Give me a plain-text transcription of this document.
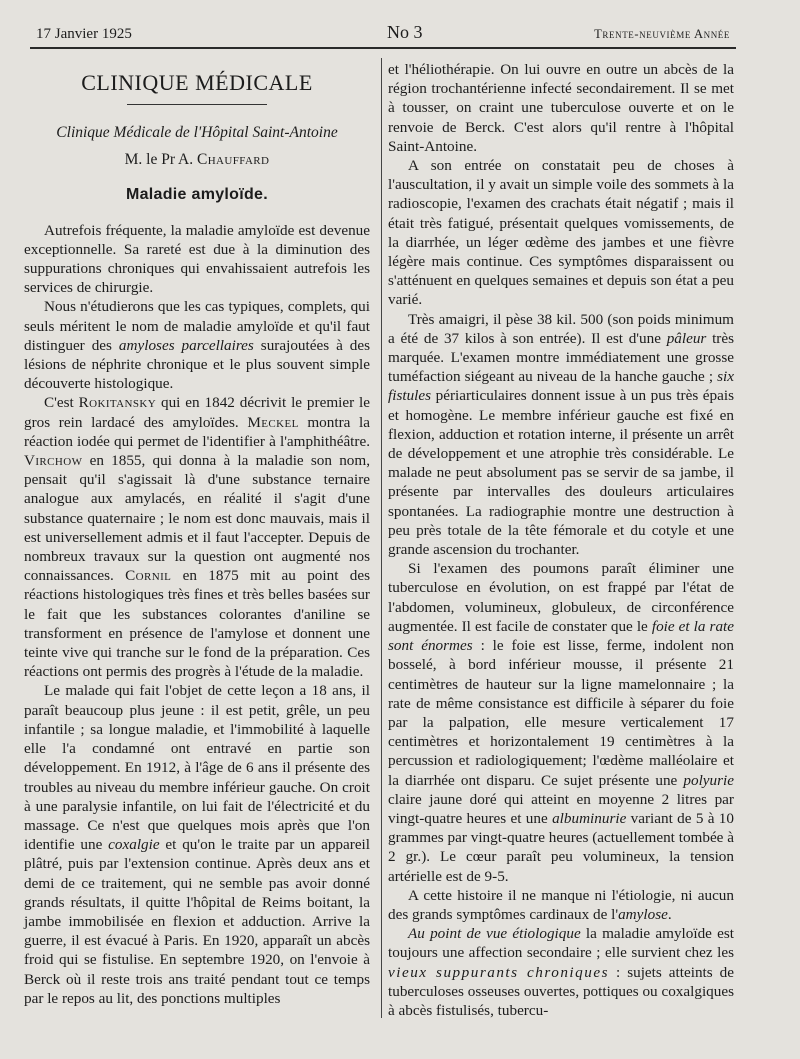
17 Janvier 1925	No 3	Trente-neuvième Année
CLINIQUE MÉDICALE
Clinique Médicale de l'Hôpital Saint-Antoine
M. le Pr A. Chauffard
Maladie amyloïde.

Autrefois fréquente, la maladie amyloïde est devenue exceptionnelle. Sa rareté est due à la diminution des suppurations chroniques qui envahissaient autrefois les services de chirurgie.

Nous n'étudierons que les cas typiques, complets, qui seuls méritent le nom de maladie amyloïde et qu'il faut distinguer des amyloses parcellaires surajoutées à des lésions de néphrite chronique et le plus souvent simple découverte histologique.

C'est Rokitansky qui en 1842 décrivit le premier le gros rein lardacé des amyloïdes. Meckel montra la réaction iodée qui permet de l'identifier à l'amphithéâtre. Virchow en 1855, qui donna à la maladie son nom, pensait qu'il s'agissait là d'une substance ternaire analogue aux amylacés, en réalité il s'agit d'une substance quaternaire ; le nom est donc mauvais, mais il est universellement admis et il faut l'accepter. Depuis de nombreux travaux sur la question ont augmenté nos connaissances. Cornil en 1875 mit au point des réactions histologiques très fines et très belles basées sur le fait que les substances colorantes d'aniline se transforment en présence de l'amylose et donnent une teinte vive qui tranche sur le fond de la préparation. Ces réactions ont permis des progrès à l'étude de la maladie.

Le malade qui fait l'objet de cette leçon a 18 ans, il paraît beaucoup plus jeune : il est petit, grêle, un peu infantile ; sa longue maladie, et l'immobilité à laquelle elle l'a condamné ont entravé en partie son développement. En 1912, à l'âge de 6 ans il présente des troubles au niveau du membre inférieur gauche. On croit à une paralysie infantile, on lui fait de l'électricité et du massage. Ce n'est que quelques mois après que l'on identifie une coxalgie et qu'on le traite par un appareil plâtré, puis par l'extension continue. Après deux ans et demi de ce traitement, qui ne semble pas avoir donné grands résultats, il quitte l'hôpital de Reims boitant, la jambe immobilisée en flexion et adduction. Arrive la guerre, il est évacué à Paris. En 1920, apparaît un abcès froid qui se fistulise. En septembre 1920, on l'envoie à Berck où il reste trois ans traité pendant tout ce temps par le repos au lit, des ponctions multiples

et l'héliothérapie. On lui ouvre en outre un abcès de la région trochantérienne infecté secondairement. Il se met à tousser, on craint une tuberculose ouverte et on le renvoie de Berck. C'est alors qu'il rentre à l'hôpital Saint-Antoine.

A son entrée on constatait peu de choses à l'auscultation, il y avait un simple voile des sommets à la radioscopie, l'examen des crachats était négatif ; mais il était très fatigué, présentait quelques vomissements, de la diarrhée, un léger œdème des jambes et une fièvre légère mais continue. Ces symptômes disparaissent ou s'atténuent en quelques semaines et depuis son état a peu varié.

Très amaigri, il pèse 38 kil. 500 (son poids minimum a été de 37 kilos à son entrée). Il est d'une pâleur très marquée. L'examen montre immédiatement une grosse tuméfaction siégeant au niveau de la hanche gauche ; six fistules périarticulaires donnent issue à un pus très épais et homogène. Le membre inférieur gauche est fixé en flexion, adduction et rotation interne, il présente un arrêt de développement et une atrophie très considérable. Le malade ne peut absolument pas se servir de sa jambe, il présente par intervalles des douleurs articulaires spontanées. La radiographie montre une destruction à peu près totale de la tête fémorale et du cotyle et une grande ascension du trochanter.

Si l'examen des poumons paraît éliminer une tuberculose en évolution, on est frappé par l'état de l'abdomen, volumineux, globuleux, de circonférence augmentée. Il est facile de constater que le foie et la rate sont énormes : le foie est lisse, ferme, indolent non bosselé, à bord inférieur mousse, il présente 21 centimètres de hauteur sur la ligne mamelonnaire ; la rate de même consistance est difficile à séparer du foie par la palpation, elle mesure verticalement 17 centimètres et horizontalement 19 centimètres à la percussion et radiologiquement; l'œdème malléolaire et la diarrhée ont disparu. Ce sujet présente une polyurie claire jaune doré qui atteint en moyenne 2 litres par vingt-quatre heures et une albuminurie variant de 5 à 10 grammes par vingt-quatre heures (actuellement tombée à 2 gr.). Le cœur paraît peu volumineux, la tension artérielle est de 9-5.

A cette histoire il ne manque ni l'étiologie, ni aucun des grands symptômes cardinaux de l'amylose.

Au point de vue étiologique la maladie amyloïde est toujours une affection secondaire ; elle survient chez les vieux suppurants chroniques : sujets atteints de tuberculoses osseuses ouvertes, pottiques ou coxalgiques à abcès fistulisés, tubercu-
